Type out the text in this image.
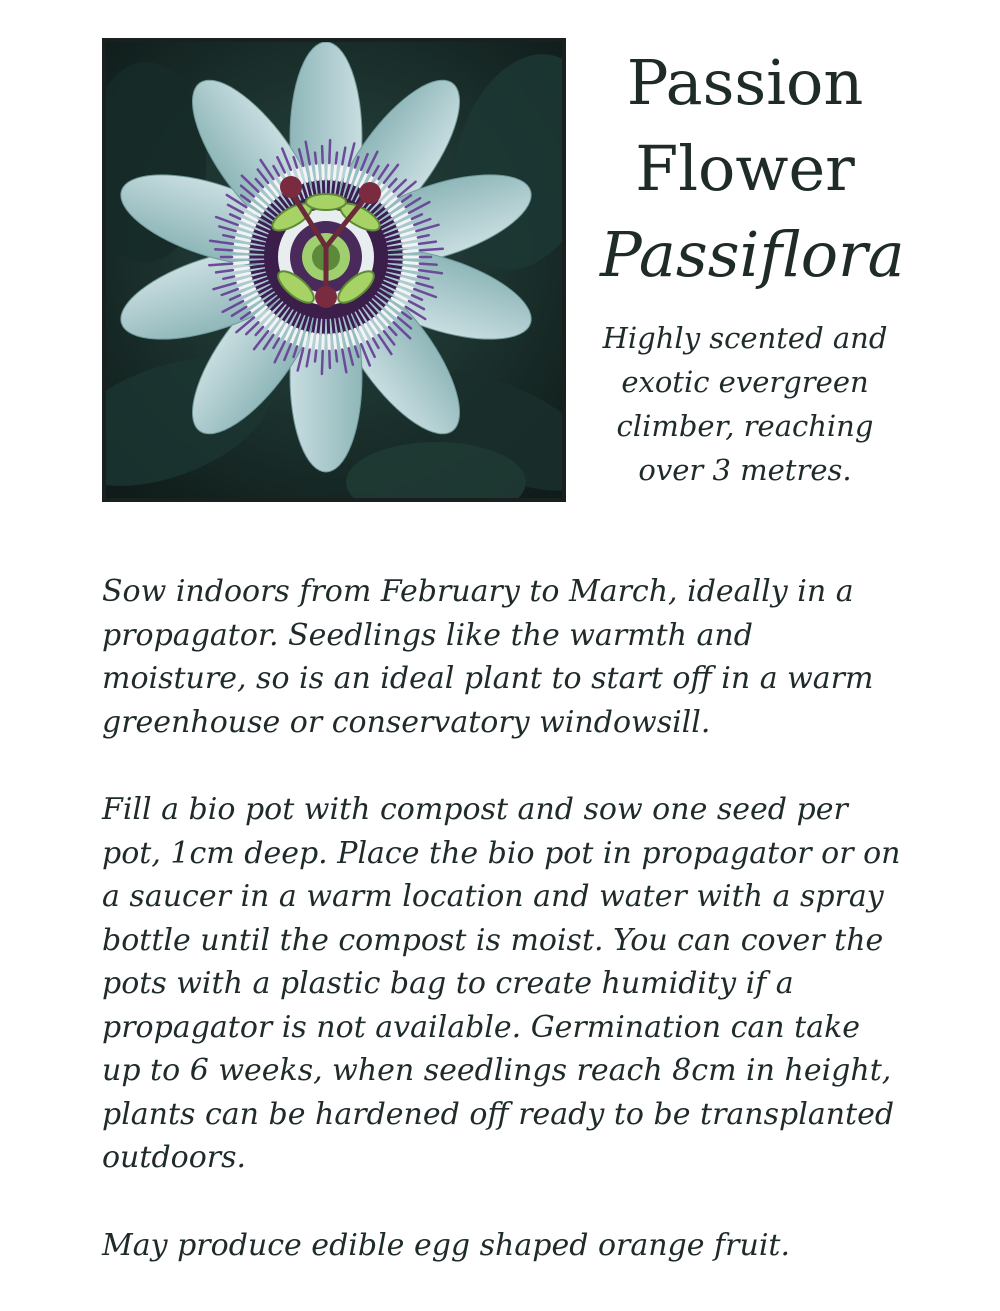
Passion
Flower
Passiflora
Highly scented and exotic evergreen climber, reaching over 3 metres.

Sow indoors from February to March, ideally in a propagator. Seedlings like the warmth and moisture, so is an ideal plant to start off in a warm greenhouse or conservatory windowsill.

Fill a bio pot with compost and sow one seed per pot, 1cm deep. Place the bio pot in propagator or on a saucer in a warm location and water with a spray bottle until the compost is moist. You can cover the pots with a plastic bag to create humidity if a propagator is not available. Germination can take up to 6 weeks, when seedlings reach 8cm in height, plants can be hardened off ready to be transplanted outdoors.

May produce edible egg shaped orange fruit.
